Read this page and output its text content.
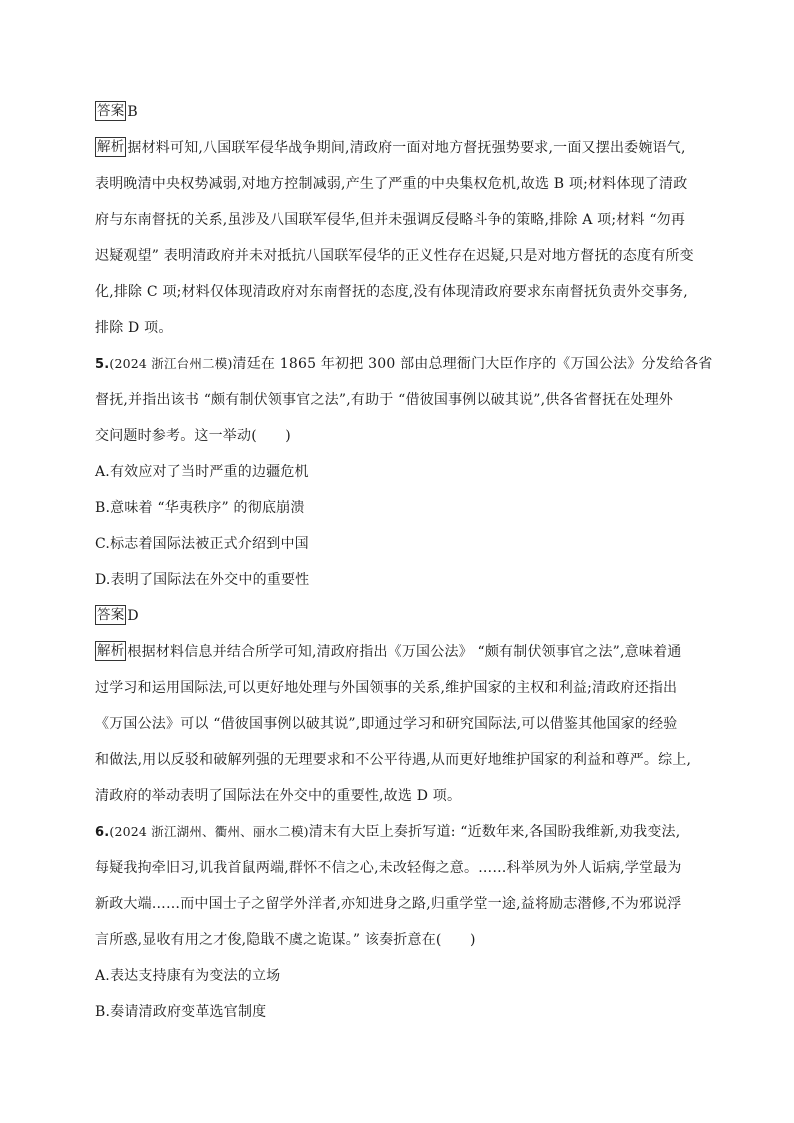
答案 B
解析 据材料可知,八国联军侵华战争期间,清政府一面对地方督抚强势要求,一面又摆出委婉语气,
表明晚清中央权势减弱,对地方控制减弱,产生了严重的中央集权危机,故选 B 项;材料体现了清政
府与东南督抚的关系,虽涉及八国联军侵华,但并未强调反侵略斗争的策略,排除 A 项;材料 “勿再
迟疑观望” 表明清政府并未对抵抗八国联军侵华的正义性存在迟疑,只是对地方督抚的态度有所变
化,排除 C 项;材料仅体现清政府对东南督抚的态度,没有体现清政府要求东南督抚负责外交事务,
排除 D 项。
5.(2024 浙江台州二模)清廷在 1865 年初把 300 部由总理衙门大臣作序的《万国公法》分发给各省
督抚,并指出该书 “颇有制伏领事官之法”,有助于 “借彼国事例以破其说”,供各省督抚在处理外
交问题时参考。这一举动(　　)
A.有效应对了当时严重的边疆危机
B.意味着 “华夷秩序” 的彻底崩溃
C.标志着国际法被正式介绍到中国
D.表明了国际法在外交中的重要性
答案 D
解析 根据材料信息并结合所学可知,清政府指出《万国公法》 “颇有制伏领事官之法”,意味着通
过学习和运用国际法,可以更好地处理与外国领事的关系,维护国家的主权和利益;清政府还指出
《万国公法》可以 “借彼国事例以破其说”,即通过学习和研究国际法,可以借鉴其他国家的经验
和做法,用以反驳和破解列强的无理要求和不公平待遇,从而更好地维护国家的利益和尊严。综上,
清政府的举动表明了国际法在外交中的重要性,故选 D 项。
6.(2024 浙江湖州、衢州、丽水二模)清末有大臣上奏折写道: “近数年来,各国盼我维新,劝我变法,
每疑我拘牵旧习,讥我首鼠两端,群怀不信之心,未改轻侮之意。……科举夙为外人诟病,学堂最为
新政大端……而中国士子之留学外洋者,亦知进身之路,归重学堂一途,益将励志潜修,不为邪说浮
言所惑,显收有用之才俊,隐戢不虞之诡谋。” 该奏折意在(　　)
A.表达支持康有为变法的立场
B.奏请清政府变革选官制度
